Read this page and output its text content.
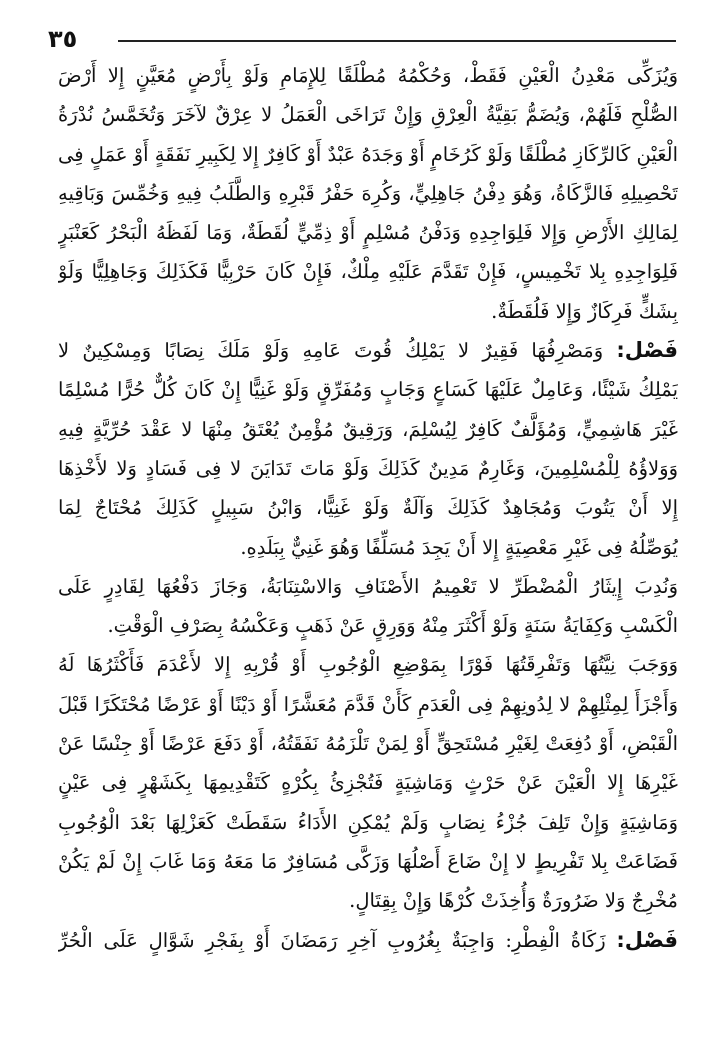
٣٥
وَيُزَكِّى مَعْدِنُ الْعَيْنِ فَقَطْ، وَحُكْمُهُ مُطْلَقًا لِلإِمَامِ وَلَوْ بِأَرْضٍ مُعَيَّنٍ إِلا أَرْضَ
الصُّلْحِ فَلَهُمْ، وَيُضَمُّ بَقِيَّةُ الْعِرْقِ وَإِنْ تَرَاخَى الْعَمَلُ لا عِرْقٌ لآخَرَ وَتُخَمَّسُ نُدْرَةُ
الْعَيْنِ كَالرِّكَازِ مُطْلَقًا وَلَوْ كَرُخَامٍ أَوْ وَجَدَهُ عَبْدٌ أَوْ كَافِرٌ إِلا لِكَبِيرِ نَفَقَةٍ أَوْ عَمَلٍ فِى
تَحْصِيلِهِ فَالزَّكَاةُ، وَهُوَ دِفْنُ جَاهِلِيٍّ، وَكُرِهَ حَفْرُ قَبْرِهِ وَالطَّلَبُ فِيهِ وَخُمِّسَ وَبَاقِيهِ
لِمَالِكِ الأَرْضِ وَإِلا فَلِوَاجِدِهِ وَدَفْنُ مُسْلِمٍ أَوْ ذِمِّيٍّ لُقَطَةٌ، وَمَا لَفَظَهُ الْبَحْرُ كَعَنْبَرٍ
فَلِوَاجِدِهِ بِلا تَخْمِيسٍ، فَإِنْ تَقَدَّمَ عَلَيْهِ مِلْكٌ، فَإِنْ كَانَ حَرْبِيًّا فَكَذَلِكَ وَجَاهِلِيًّا وَلَوْ
بِشَكٍّ فَرِكَازٌ وَإِلا فَلُقَطَةٌ.
فَصْل: وَمَصْرِفُهَا فَقِيرٌ لا يَمْلِكُ قُوتَ عَامِهِ وَلَوْ مَلَكَ نِصَابًا وَمِسْكِينٌ لا
يَمْلِكُ شَيْئًا، وَعَامِلٌ عَلَيْهَا كَسَاعٍ وَجَابٍ وَمُفَرِّقٍ وَلَوْ غَنِيًّا إِنْ كَانَ كُلٌّ حُرًّا مُسْلِمًا
غَيْرَ هَاشِمِيٍّ، وَمُؤَلَّفٌ كَافِرٌ لِيُسْلِمَ، وَرَقِيقٌ مُؤْمِنٌ يُعْتَقُ مِنْهَا لا عَقْدَ حُرِّيَّةٍ فِيهِ
وَوَلاؤُهُ لِلْمُسْلِمِينَ، وَغَارِمٌ مَدِينٌ كَذَلِكَ وَلَوْ مَاتَ تَدَايَنَ لا فِى فَسَادٍ وَلا لأَخْذِهَا
إِلا أَنْ يَتُوبَ وَمُجَاهِدٌ كَذَلِكَ وَآلَةٌ وَلَوْ غَنِيًّا، وَابْنُ سَبِيلٍ كَذَلِكَ مُحْتَاجٌ لِمَا
يُوَصِّلُهُ فِى غَيْرِ مَعْصِيَةٍ إِلا أَنْ يَجِدَ مُسَلِّفًا وَهُوَ غَنِيٌّ بِبَلَدِهِ.
وَنُدِبَ إِيثَارُ الْمُضْطَرِّ لا تَعْمِيمُ الأَصْنَافِ وَالاسْتِنَابَةُ، وَجَازَ دَفْعُهَا لِقَادِرٍ عَلَى
الْكَسْبِ وَكِفَايَةُ سَنَةٍ وَلَوْ أَكْثَرَ مِنْهُ وَوَرِقٍ عَنْ ذَهَبٍ وَعَكْسُهُ بِصَرْفِ الْوَقْتِ.
وَوَجَبَ نِيَّتُهَا وَتَفْرِقَتُهَا فَوْرًا بِمَوْضِعِ الْوُجُوبِ أَوْ قُرْبِهِ إِلا لأَعْدَمَ فَأَكْثَرُهَا لَهُ
وَأَجْزَأَ لِمِثْلِهِمْ لا لِدُونِهِمْ فِى الْعَدَمِ كَأَنْ قَدَّمَ مُعَشَّرًا أَوْ دَيْنًا أَوْ عَرْضًا مُحْتَكَرًا قَبْلَ
الْقَبْضِ، أَوْ دُفِعَتْ لِغَيْرِ مُسْتَحِقٍّ أَوْ لِمَنْ تَلْزَمُهُ نَفَقَتُهُ، أَوْ دَفَعَ عَرْضًا أَوْ جِنْسًا عَنْ
غَيْرِهَا إِلا الْعَيْنَ عَنْ حَرْثٍ وَمَاشِيَةٍ فَتُجْزِئُ بِكُرْهٍ كَتَقْدِيمِهَا بِكَشَهْرٍ فِى عَيْنٍ
وَمَاشِيَةٍ وَإِنْ تَلِفَ جُزْءُ نِصَابٍ وَلَمْ يُمْكِنِ الأَدَاءُ سَقَطَتْ كَعَزْلِهَا بَعْدَ الْوُجُوبِ
فَضَاعَتْ بِلا تَفْرِيطٍ لا إِنْ ضَاعَ أَصْلُهَا وَزَكَّى مُسَافِرٌ مَا مَعَهُ وَمَا غَابَ إِنْ لَمْ يَكُنْ
مُخْرِجٌ وَلا ضَرُورَةٌ وَأُخِذَتْ كُرْهًا وَإِنْ بِقِتَالٍ.
فَصْل: زَكَاةُ الْفِطْرِ: وَاجِبَةٌ بِغُرُوبِ آخِرِ رَمَضَانَ أَوْ بِفَجْرِ شَوَّالٍ عَلَى الْحُرِّ
